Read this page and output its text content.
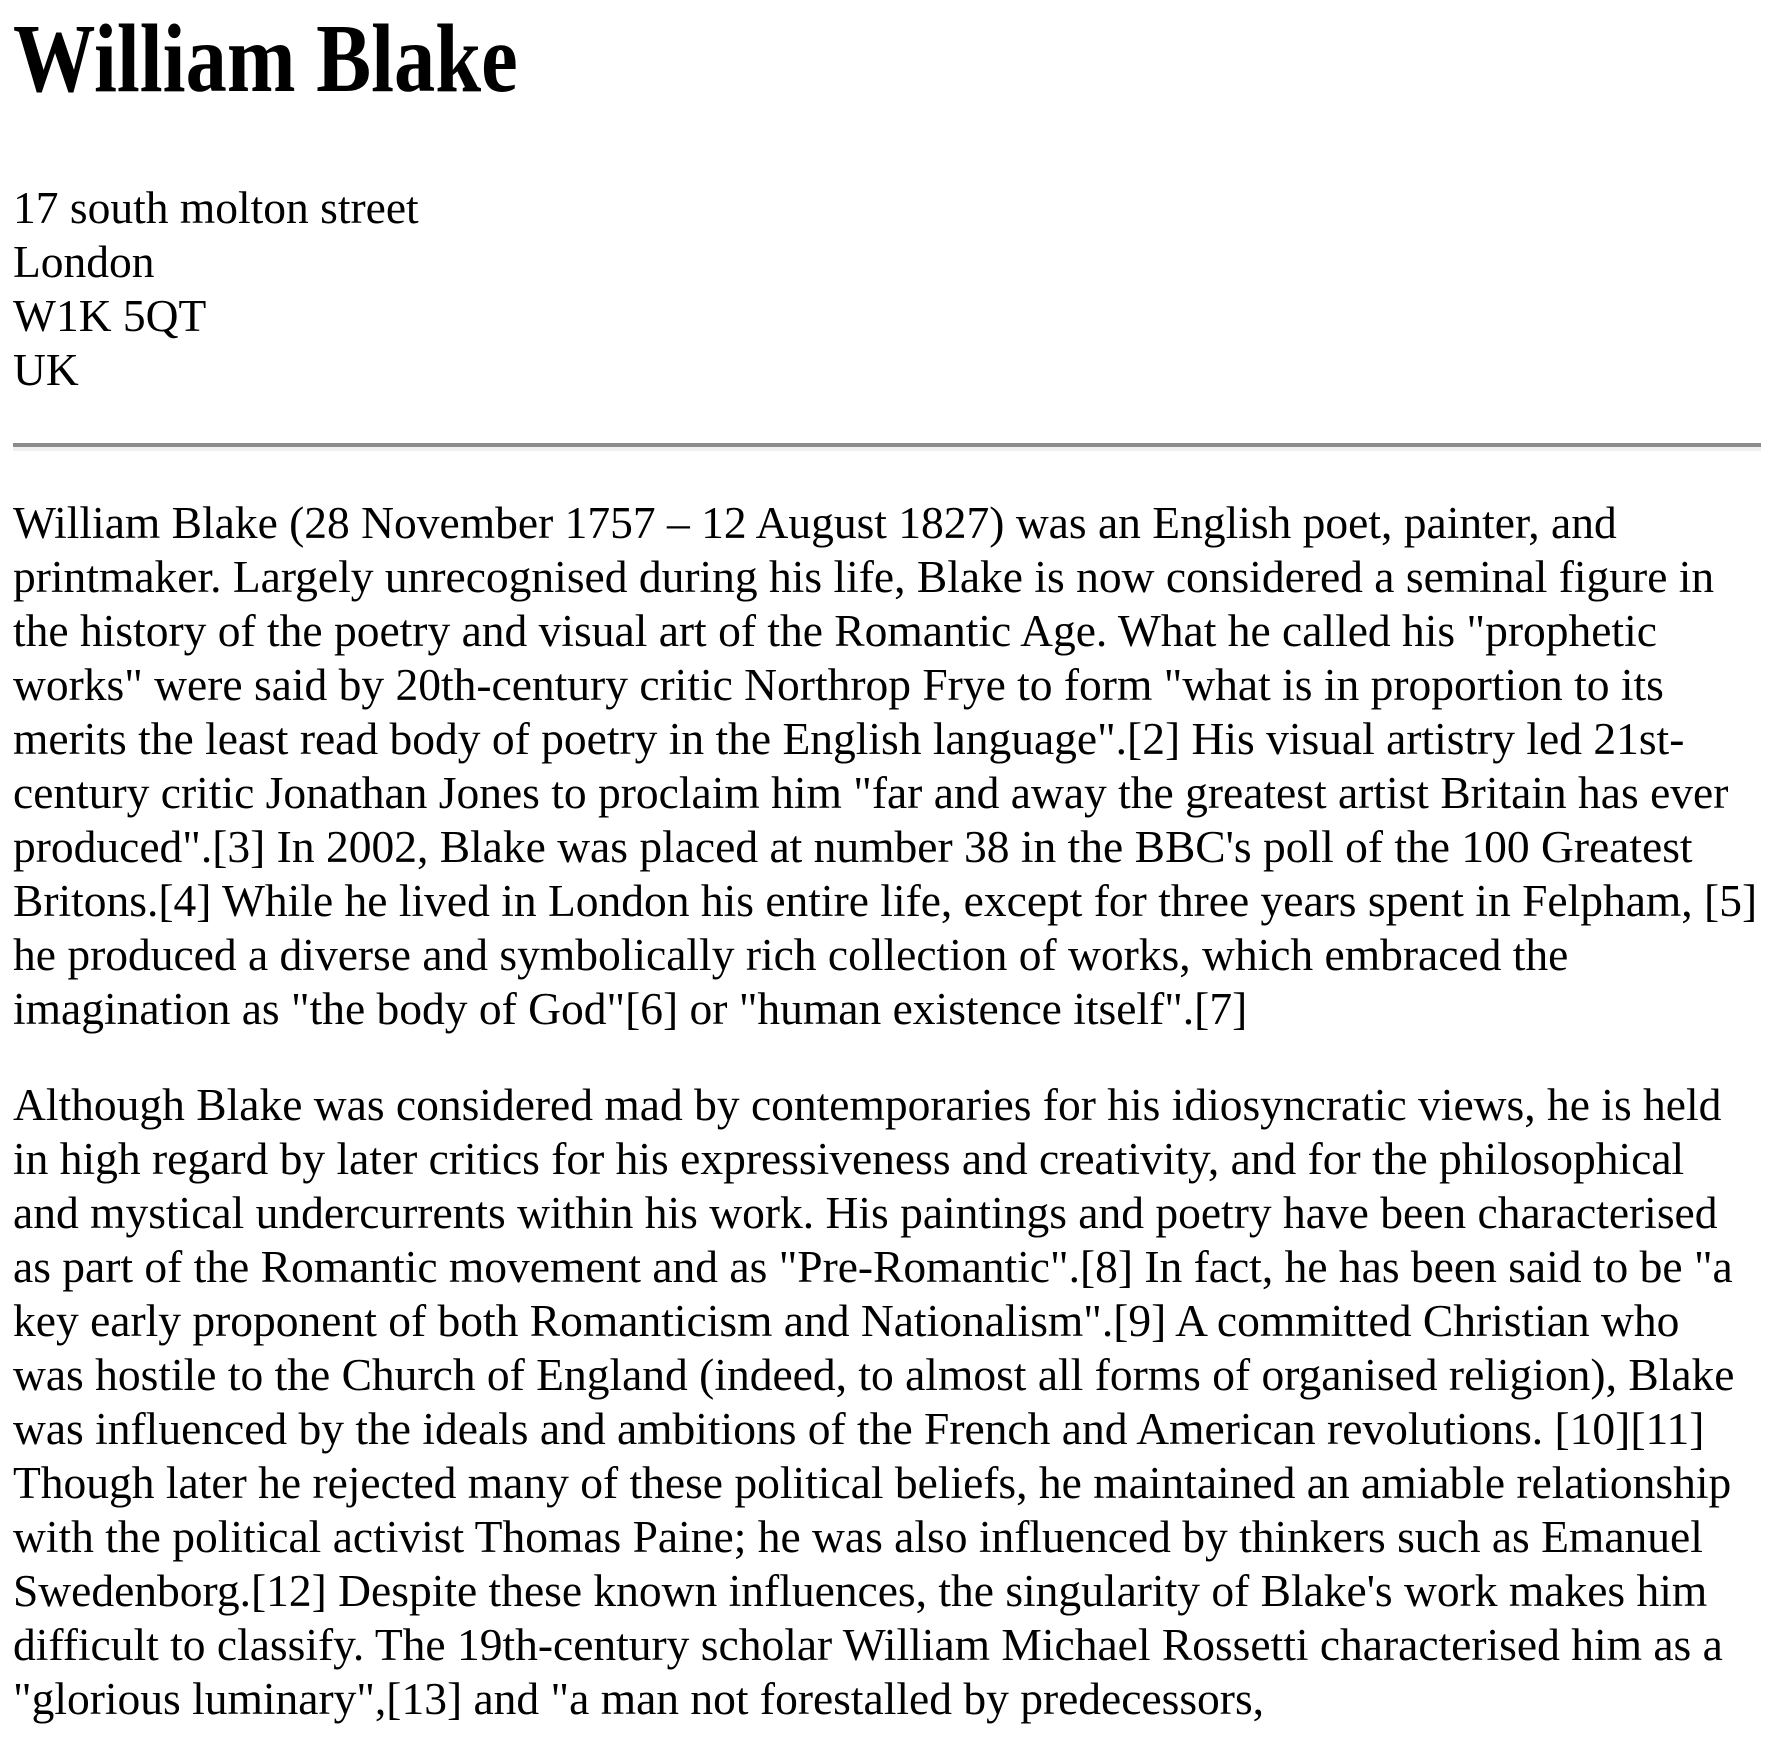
William Blake

17 south molton street
London
W1K 5QT
UK

William Blake (28 November 1757 – 12 August 1827) was an English poet, painter, and printmaker. Largely unrecognised during his life, Blake is now considered a seminal figure in the history of the poetry and visual art of the Romantic Age. What he called his "prophetic works" were said by 20th-century critic Northrop Frye to form "what is in proportion to its merits the least read body of poetry in the English language".[2] His visual artistry led 21st-century critic Jonathan Jones to proclaim him "far and away the greatest artist Britain has ever produced".[3] In 2002, Blake was placed at number 38 in the BBC's poll of the 100 Greatest Britons.[4] While he lived in London his entire life, except for three years spent in Felpham, [5] he produced a diverse and symbolically rich collection of works, which embraced the imagination as "the body of God"[6] or "human existence itself".[7]

Although Blake was considered mad by contemporaries for his idiosyncratic views, he is held in high regard by later critics for his expressiveness and creativity, and for the philosophical and mystical undercurrents within his work. His paintings and poetry have been characterised as part of the Romantic movement and as "Pre-Romantic".[8] In fact, he has been said to be "a key early proponent of both Romanticism and Nationalism".[9] A committed Christian who was hostile to the Church of England (indeed, to almost all forms of organised religion), Blake was influenced by the ideals and ambitions of the French and American revolutions. [10][11] Though later he rejected many of these political beliefs, he maintained an amiable relationship with the political activist Thomas Paine; he was also influenced by thinkers such as Emanuel Swedenborg.[12] Despite these known influences, the singularity of Blake's work makes him difficult to classify. The 19th-century scholar William Michael Rossetti characterised him as a "glorious luminary",[13] and "a man not forestalled by predecessors,
